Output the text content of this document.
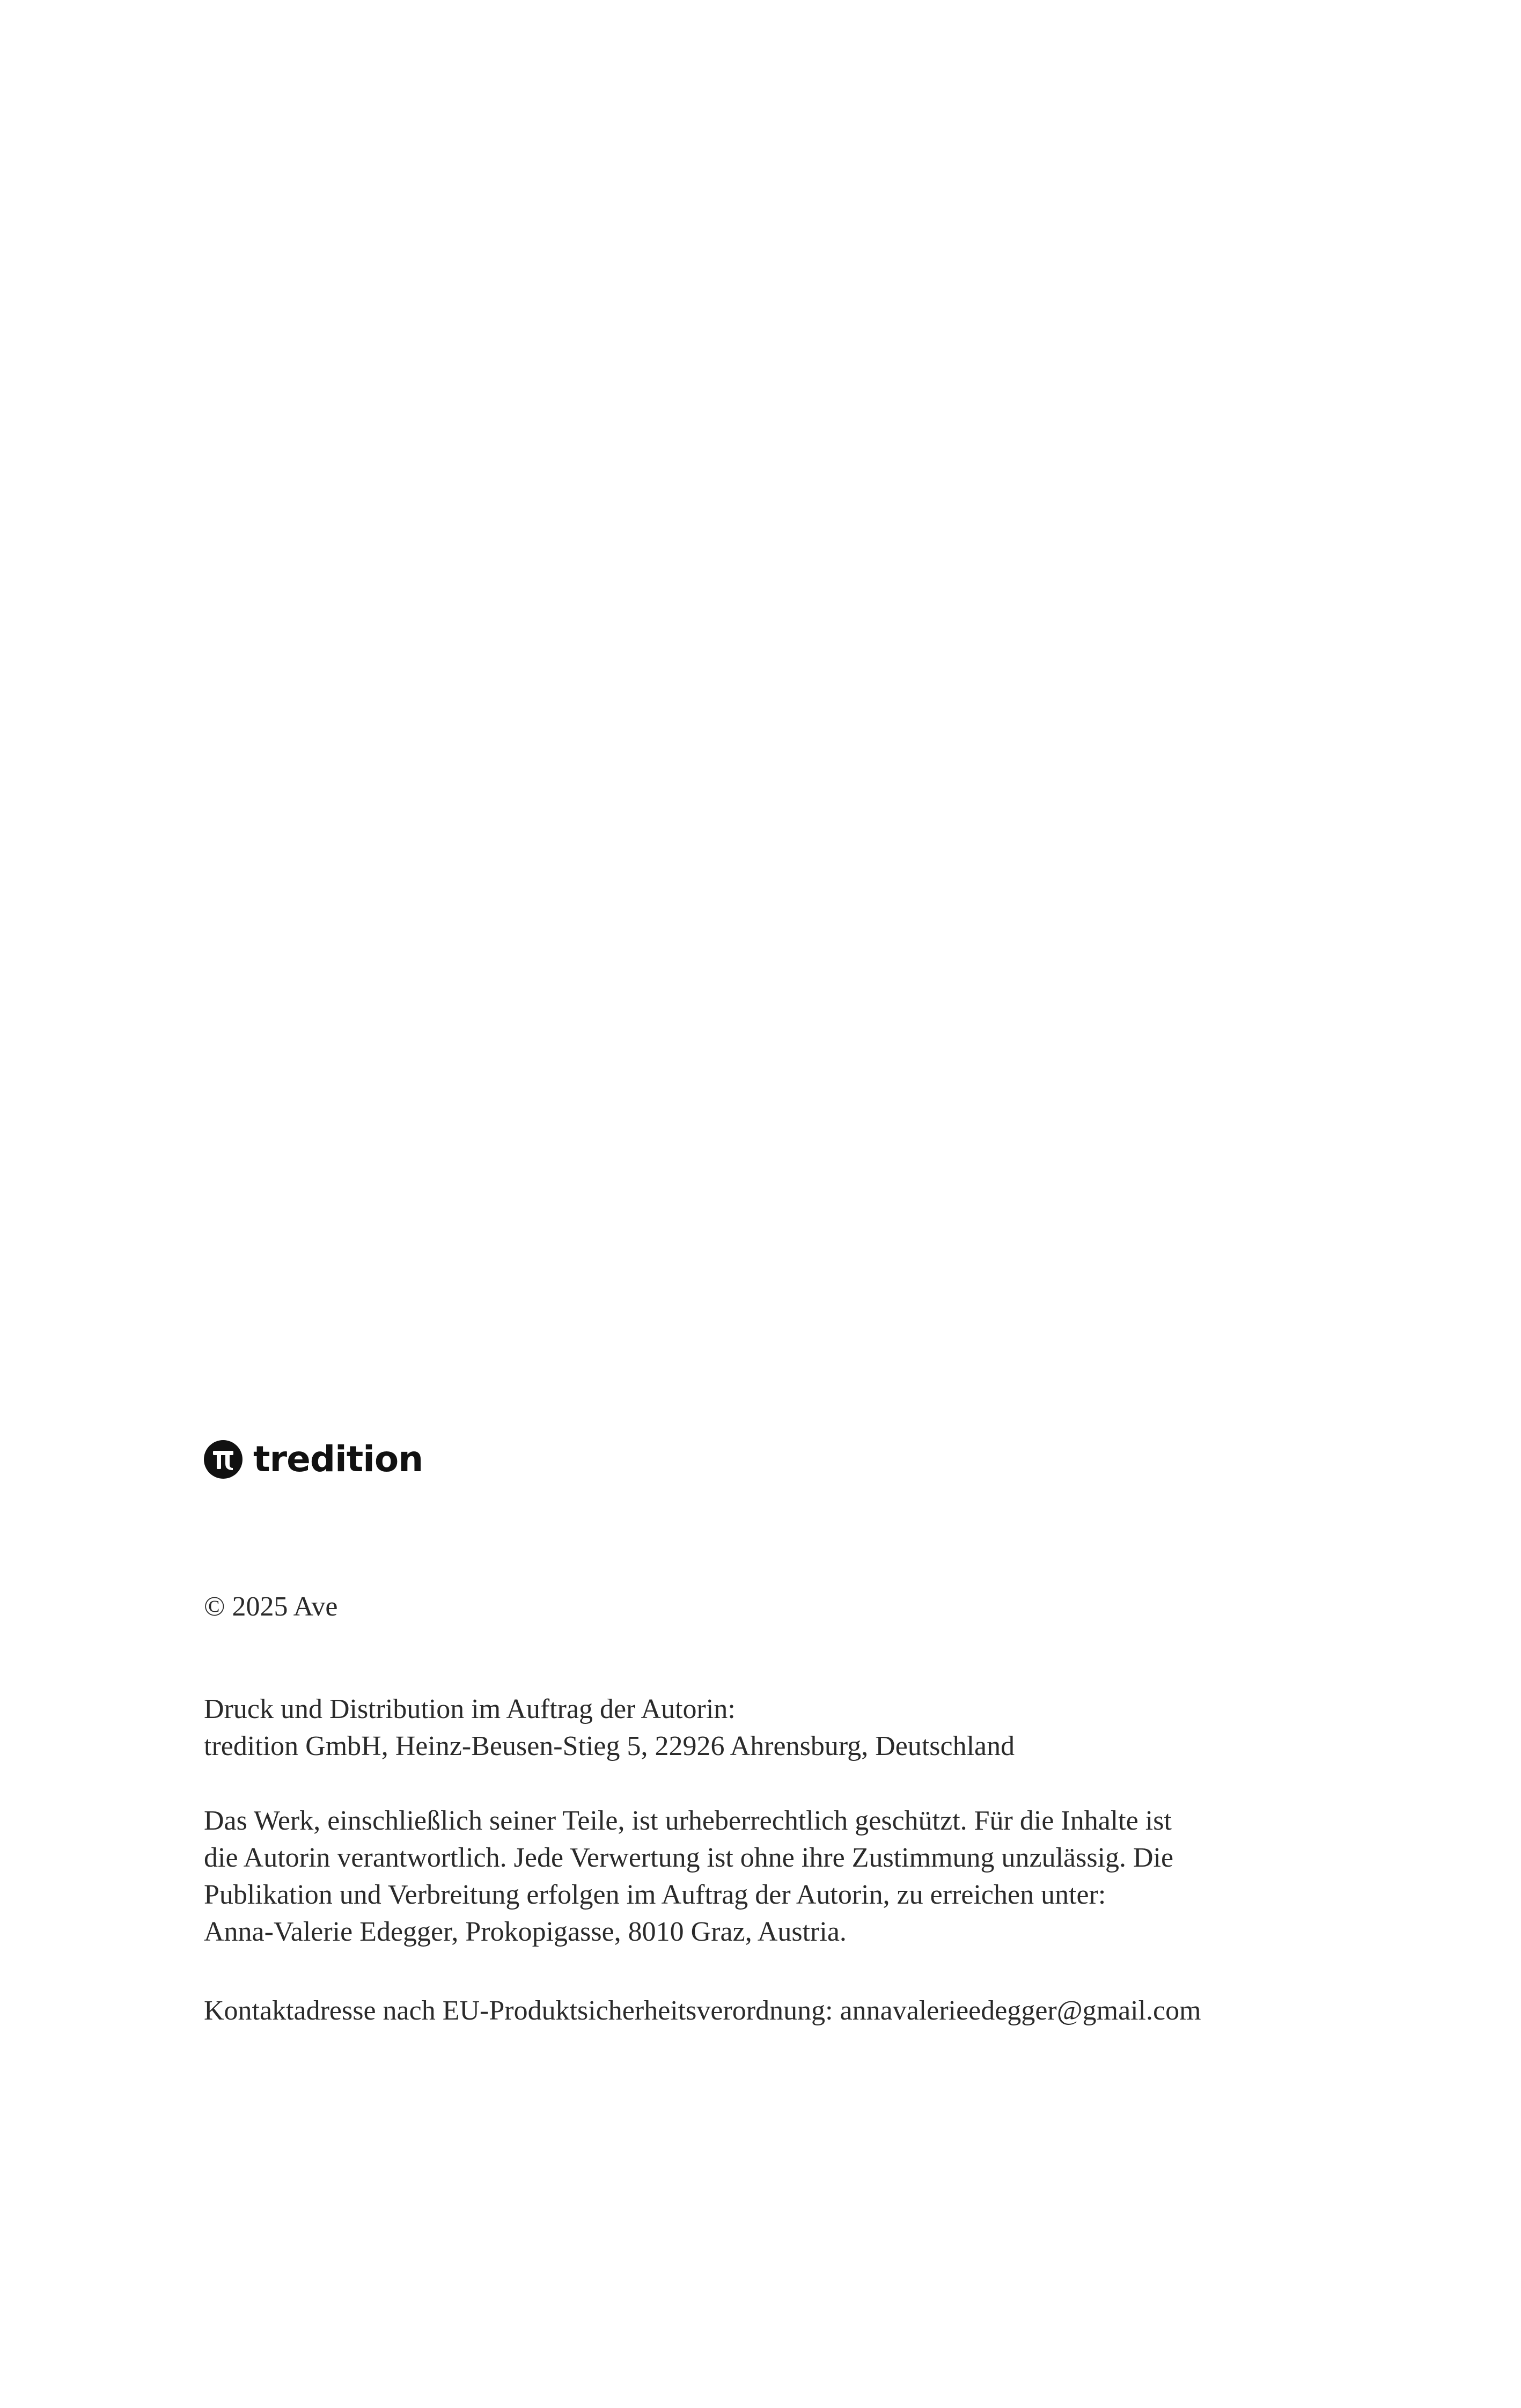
tredition

© 2025 Ave

Druck und Distribution im Auftrag der Autorin:
tredition GmbH, Heinz-Beusen-Stieg 5, 22926 Ahrensburg, Deutschland

Das Werk, einschließlich seiner Teile, ist urheberrechtlich geschützt. Für die Inhalte ist
die Autorin verantwortlich. Jede Verwertung ist ohne ihre Zustimmung unzulässig. Die
Publikation und Verbreitung erfolgen im Auftrag der Autorin, zu erreichen unter:
Anna-Valerie Edegger, Prokopigasse, 8010 Graz, Austria.

Kontaktadresse nach EU-Produktsicherheitsverordnung: annavalerieedegger@gmail.com
